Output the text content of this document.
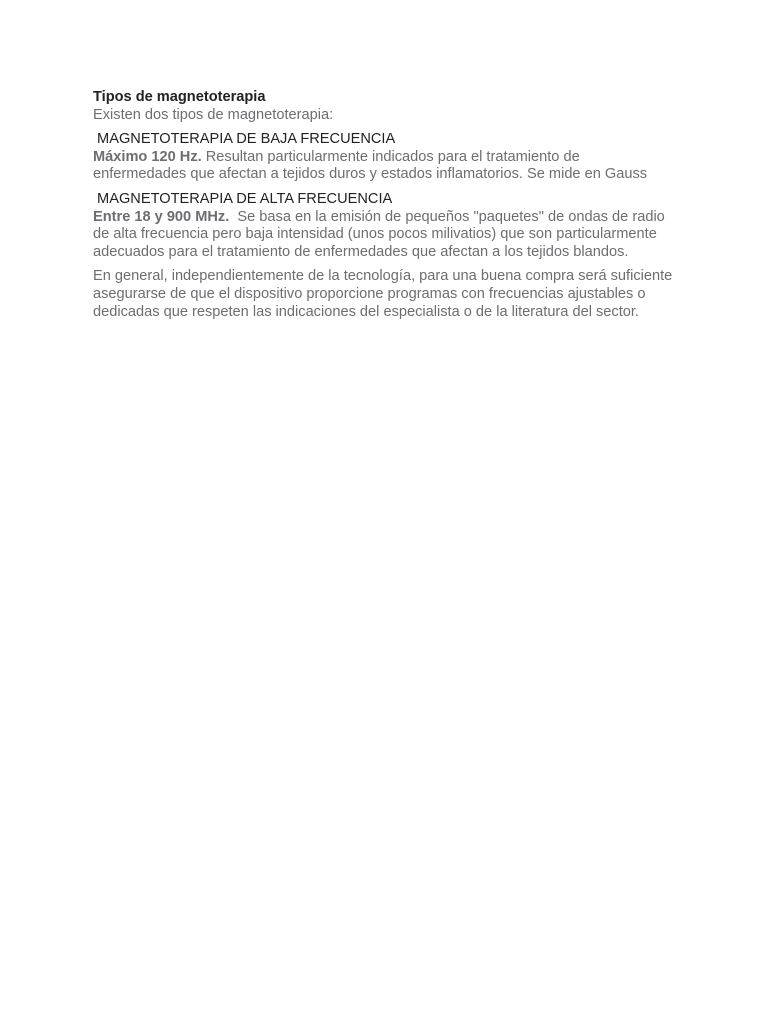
Tipos de magnetoterapia

Existen dos tipos de magnetoterapia:

MAGNETOTERAPIA DE BAJA FRECUENCIA

Máximo 120 Hz. Resultan particularmente indicados para el tratamiento de enfermedades que afectan a tejidos duros y estados inflamatorios. Se mide en Gauss

MAGNETOTERAPIA DE ALTA FRECUENCIA

Entre 18 y 900 MHz.  Se basa en la emisión de pequeños "paquetes" de ondas de radio de alta frecuencia pero baja intensidad (unos pocos milivatios) que son particularmente adecuados para el tratamiento de enfermedades que afectan a los tejidos blandos.

En general, independientemente de la tecnología, para una buena compra será suficiente asegurarse de que el dispositivo proporcione programas con frecuencias ajustables o dedicadas que respeten las indicaciones del especialista o de la literatura del sector.
